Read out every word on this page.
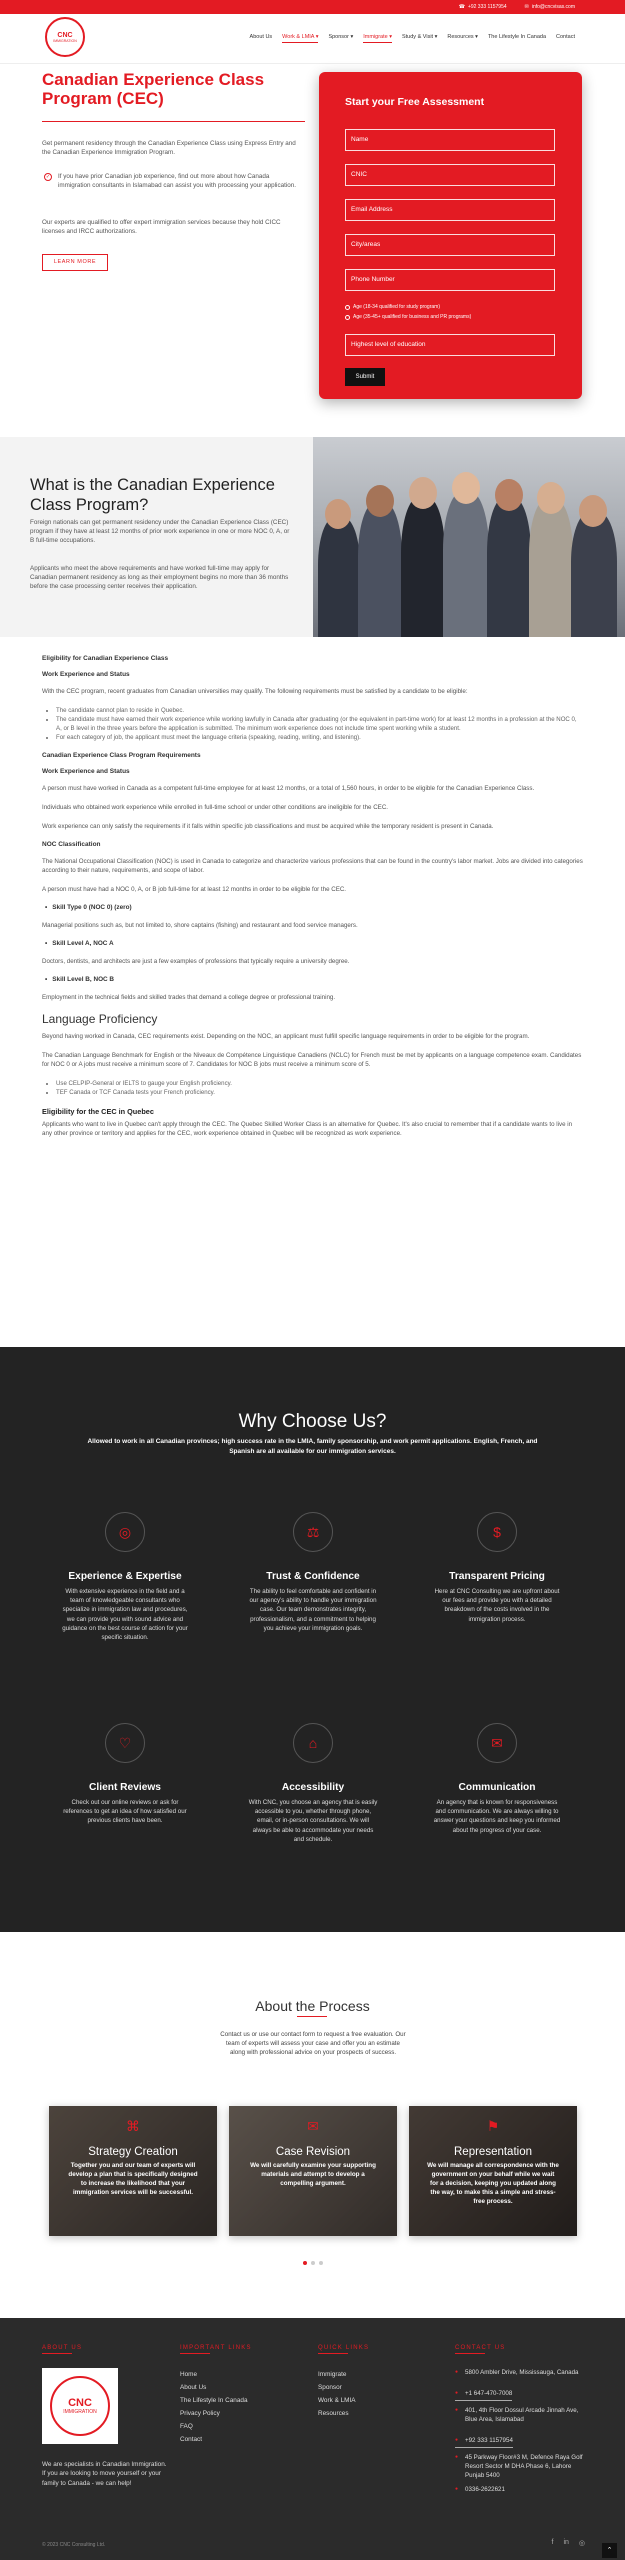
☎ +92 333 1157954	✉ info@cncvisas.com
CNC
IMMIGRATION
About Us Work & LMIA ▾ Sponsor ▾ Immigrate ▾ Study & Visit ▾ Resources ▾ The Lifestyle In Canada Contact
Canadian Experience Class Program (CEC)
Get permanent residency through the Canadian Experience Class using Express Entry and the Canadian Experience Immigration Program.
✓	If you have prior Canadian job experience, find out more about how Canada immigration consultants in Islamabad can assist you with processing your application.
Our experts are qualified to offer expert immigration services because they hold CICC licenses and IRCC authorizations.
LEARN MORE
Start your Free Assessment
Name
CNIC
Email Address
City/areas
Phone Number
Age (18-34 qualified for study program)
Age (35-45+ qualified for business and PR programs)
Highest level of education
Submit
What is the Canadian Experience Class Program?
Foreign nationals can get permanent residency under the Canadian Experience Class (CEC) program if they have at least 12 months of prior work experience in one or more NOC 0, A, or B full-time occupations.
Applicants who meet the above requirements and have worked full-time may apply for Canadian permanent residency as long as their employment begins no more than 36 months before the case processing center receives their application.
Eligibility for Canadian Experience Class
Work Experience and Status
With the CEC program, recent graduates from Canadian universities may qualify. The following requirements must be satisfied by a candidate to be eligible:
• The candidate cannot plan to reside in Quebec.
• The candidate must have earned their work experience while working lawfully in Canada after graduating (or the equivalent in part-time work) for at least 12 months in a profession at the NOC 0, A, or B level in the three years before the application is submitted. The minimum work experience does not include time spent working while a student.
• For each category of job, the applicant must meet the language criteria (speaking, reading, writing, and listening).
Canadian Experience Class Program Requirements
Work Experience and Status
A person must have worked in Canada as a competent full-time employee for at least 12 months, or a total of 1,560 hours, in order to be eligible for the Canadian Experience Class.
Individuals who obtained work experience while enrolled in full-time school or under other conditions are ineligible for the CEC.
Work experience can only satisfy the requirements if it falls within specific job classifications and must be acquired while the temporary resident is present in Canada.
NOC Classification
The National Occupational Classification (NOC) is used in Canada to categorize and characterize various professions that can be found in the country's labor market. Jobs are divided into categories according to their nature, requirements, and scope of labor.
A person must have had a NOC 0, A, or B job full-time for at least 12 months in order to be eligible for the CEC.
• Skill Type 0 (NOC 0) (zero)
Managerial positions such as, but not limited to, shore captains (fishing) and restaurant and food service managers.
• Skill Level A, NOC A
Doctors, dentists, and architects are just a few examples of professions that typically require a university degree.
• Skill Level B, NOC B
Employment in the technical fields and skilled trades that demand a college degree or professional training.
Language Proficiency
Beyond having worked in Canada, CEC requirements exist. Depending on the NOC, an applicant must fulfill specific language requirements in order to be eligible for the program.
The Canadian Language Benchmark for English or the Niveaux de Compétence Linguistique Canadiens (NCLC) for French must be met by applicants on a language competence exam. Candidates for NOC 0 or A jobs must receive a minimum score of 7. Candidates for NOC B jobs must receive a minimum score of 5.
• Use CELPIP-General or IELTS to gauge your English proficiency.
• TEF Canada or TCF Canada tests your French proficiency.
Eligibility for the CEC in Quebec
Applicants who want to live in Quebec can't apply through the CEC. The Quebec Skilled Worker Class is an alternative for Quebec. It's also crucial to remember that if a candidate wants to live in any other province or territory and applies for the CEC, work experience obtained in Quebec will be recognized as work experience.
Why Choose Us?
Allowed to work in all Canadian provinces; high success rate in the LMIA, family sponsorship, and work permit applications. English, French, and Spanish are all available for our immigration services.
◎
Experience & Expertise
With extensive experience in the field and a team of knowledgeable consultants who specialize in immigration law and procedures, we can provide you with sound advice and guidance on the best course of action for your specific situation.
⚖
Trust & Confidence
The ability to feel comfortable and confident in our agency's ability to handle your immigration case. Our team demonstrates integrity, professionalism, and a commitment to helping you achieve your immigration goals.
$
Transparent Pricing
Here at CNC Consulting we are upfront about our fees and provide you with a detailed breakdown of the costs involved in the immigration process.
♡
Client Reviews
Check out our online reviews or ask for references to get an idea of how satisfied our previous clients have been.
⌂
Accessibility
With CNC, you choose an agency that is easily accessible to you, whether through phone, email, or in-person consultations. We will always be able to accommodate your needs and schedule.
✉
Communication
An agency that is known for responsiveness and communication. We are always willing to answer your questions and keep you informed about the progress of your case.
About the Process
Contact us or use our contact form to request a free evaluation. Our team of experts will assess your case and offer you an estimate along with professional advice on your prospects of success.
⌘
Strategy Creation
Together you and our team of experts will develop a plan that is specifically designed to increase the likelihood that your immigration services will be successful.
✉
Case Revision
We will carefully examine your supporting materials and attempt to develop a compelling argument.
⚑
Representation
We will manage all correspondence with the government on your behalf while we wait for a decision, keeping you updated along the way, to make this a simple and stress-free process.
ABOUT US
CNC
IMMIGRATION
We are specialists in Canadian Immigration. If you are looking to move yourself or your family to Canada - we can help!
IMPORTANT LINKS
Home
About Us
The Lifestyle In Canada
Privacy Policy
FAQ
Contact
QUICK LINKS
Immigrate
Sponsor
Work & LMIA
Resources
CONTACT US
● 5800 Ambler Drive, Mississauga, Canada
● +1 647-470-7008
● 401, 4th Floor Dossul Arcade Jinnah Ave, Blue Area, Islamabad
● +92 333 1157954
● 45 Parkway Floor#3 M, Defence Raya Golf Resort Sector M DHA Phase 6, Lahore Punjab 5400
● 0336-2622621
© 2023 CNC Consulting Ltd.	f in ◎
⌃
